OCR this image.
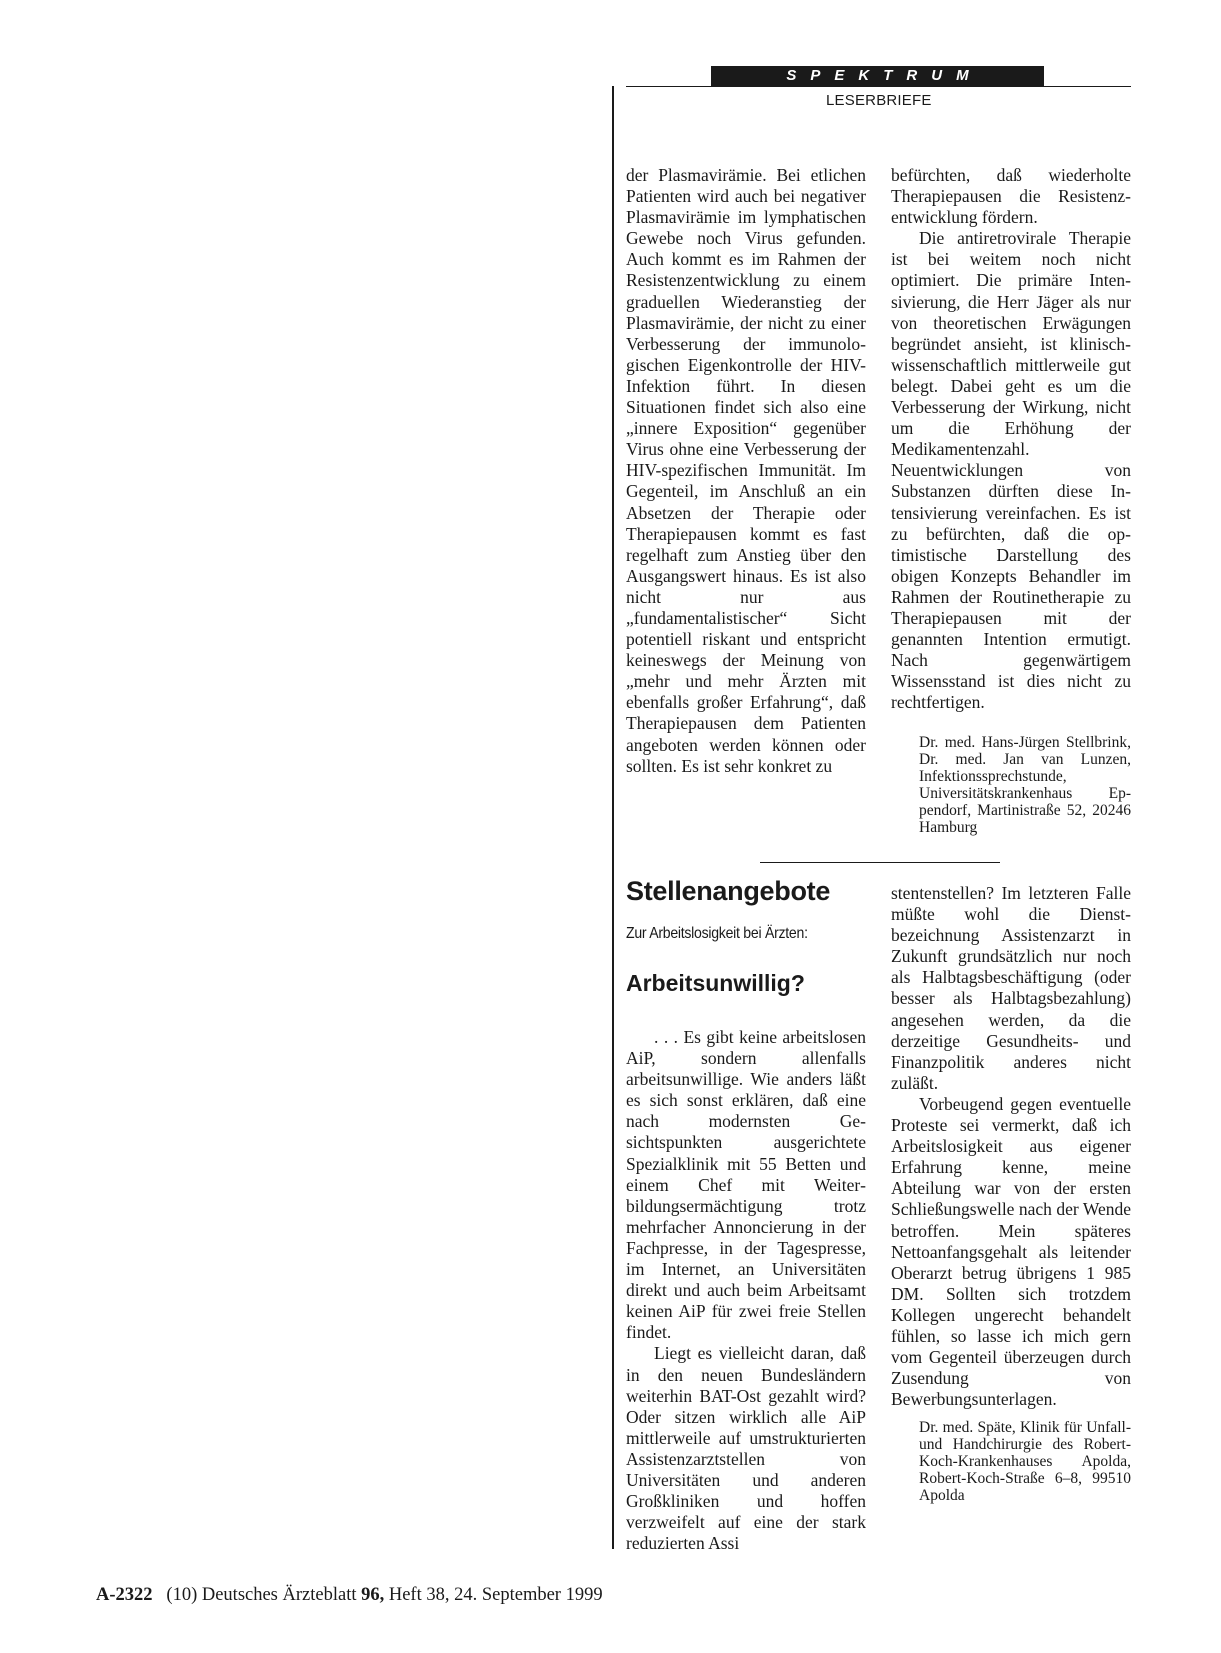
SPEKTRUM
LESERBRIEFE

der Plasmavirämie. Bei etlichen Patienten wird auch bei negativer Plasmavirämie im lymphatischen Gewebe noch Virus gefunden. Auch kommt es im Rahmen der Resistenzentwicklung zu einem graduellen Wiederanstieg der Plasmavirämie, der nicht zu einer Verbesserung der immunologischen Eigenkontrolle der HIV-Infektion führt. In diesen Situationen findet sich also eine „innere Exposition“ gegenüber Virus ohne eine Verbesserung der HIV-spezifischen Immunität. Im Gegenteil, im Anschluß an ein Absetzen der Therapie oder Therapiepausen kommt es fast regelhaft zum Anstieg über den Ausgangswert hinaus. Es ist also nicht nur aus „fundamentalistischer“ Sicht potentiell riskant und entspricht keineswegs der Meinung von „mehr und mehr Ärzten mit ebenfalls großer Erfahrung“, daß Therapiepausen dem Patienten angeboten werden können oder sollten. Es ist sehr konkret zu

befürchten, daß wiederholte Therapiepausen die Resistenzentwicklung fördern.

Die antiretrovirale Therapie ist bei weitem noch nicht optimiert. Die primäre Intensivierung, die Herr Jäger als nur von theoretischen Erwägungen begründet ansieht, ist klinisch-wissenschaftlich mittlerweile gut belegt. Dabei geht es um die Verbesserung der Wirkung, nicht um die Erhöhung der Medikamentenzahl. Neuentwicklungen von Substanzen dürften diese Intensivierung vereinfachen. Es ist zu befürchten, daß die optimistische Darstellung des obigen Konzepts Behandler im Rahmen der Routinetherapie zu Therapiepausen mit der genannten Intention ermutigt. Nach gegenwärtigem Wissensstand ist dies nicht zu rechtfertigen.

Dr. med. Hans-Jürgen Stellbrink, Dr. med. Jan van Lunzen, Infektionssprechstunde, Universitätskrankenhaus Eppendorf, Martinistraße 52, 20246 Hamburg

Stellenangebote
Zur Arbeitslosigkeit bei Ärzten:
Arbeitsunwillig?

. . . Es gibt keine arbeitslosen AiP, sondern allenfalls arbeitsunwillige. Wie anders läßt es sich sonst erklären, daß eine nach modernsten Gesichtspunkten ausgerichtete Spezialklinik mit 55 Betten und einem Chef mit Weiterbildungsermächtigung trotz mehrfacher Annoncierung in der Fachpresse, in der Tagespresse, im Internet, an Universitäten direkt und auch beim Arbeitsamt keinen AiP für zwei freie Stellen findet.

Liegt es vielleicht daran, daß in den neuen Bundesländern weiterhin BAT-Ost gezahlt wird? Oder sitzen wirklich alle AiP mittlerweile auf umstrukturierten Assistenzarztstellen von Universitäten und anderen Großkliniken und hoffen verzweifelt auf eine der stark reduzierten Assi

stentenstellen? Im letzteren Falle müßte wohl die Dienstbezeichnung Assistenzarzt in Zukunft grundsätzlich nur noch als Halbtagsbeschäftigung (oder besser als Halbtagsbezahlung) angesehen werden, da die derzeitige Gesundheits- und Finanzpolitik anderes nicht zuläßt.

Vorbeugend gegen eventuelle Proteste sei vermerkt, daß ich Arbeitslosigkeit aus eigener Erfahrung kenne, meine Abteilung war von der ersten Schließungswelle nach der Wende betroffen. Mein späteres Nettoanfangsgehalt als leitender Oberarzt betrug übrigens 1 985 DM. Sollten sich trotzdem Kollegen ungerecht behandelt fühlen, so lasse ich mich gern vom Gegenteil überzeugen durch Zusendung von Bewerbungsunterlagen.

Dr. med. Späte, Klinik für Unfall- und Handchirurgie des Robert-Koch-Krankenhauses Apolda, Robert-Koch-Straße 6–8, 99510 Apolda

A-2322 (10) Deutsches Ärzteblatt 96, Heft 38, 24. September 1999
